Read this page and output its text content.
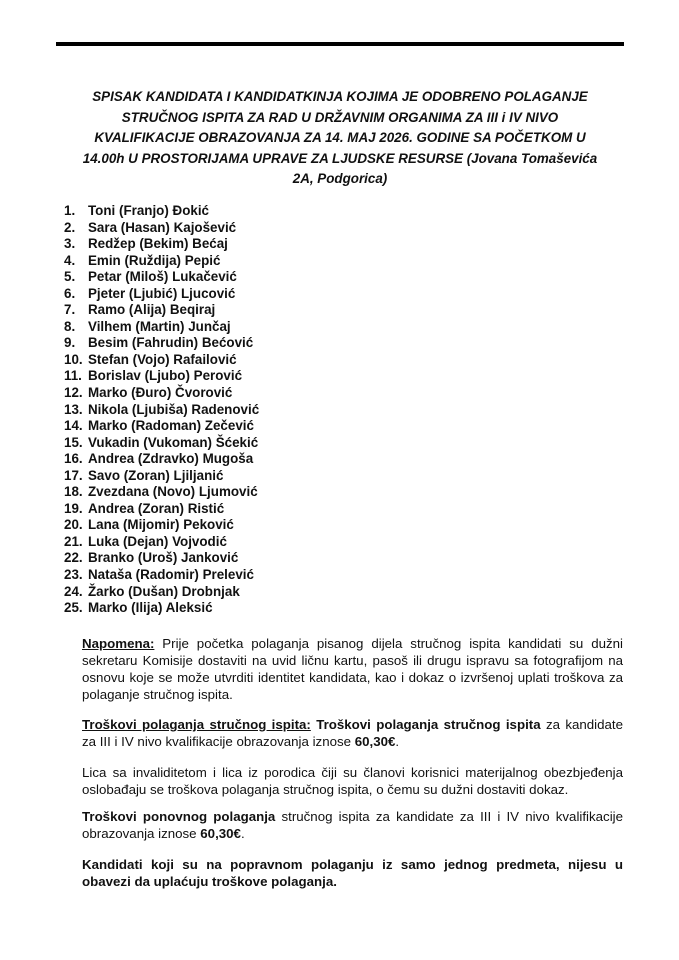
SPISAK KANDIDATA I KANDIDATKINJA KOJIMA JE ODOBRENO POLAGANJE
STRUČNOG ISPITA ZA RAD U DRŽAVNIM ORGANIMA ZA III i IV NIVO
KVALIFIKACIJE OBRAZOVANJA ZA 14. MAJ 2026. GODINE SA POČETKOM U
14.00h U PROSTORIJAMA UPRAVE ZA LJUDSKE RESURSE (Jovana Tomaševića
2A, Podgorica)
1. Toni (Franjo) Đokić
2. Sara (Hasan) Kajošević
3. Redžep (Bekim) Bećaj
4. Emin (Ruždija) Pepić
5. Petar (Miloš) Lukačević
6. Pjeter (Ljubić) Ljucović
7. Ramo (Alija) Beqiraj
8. Vilhem (Martin) Junčaj
9. Besim (Fahrudin) Bećović
10. Stefan (Vojo) Rafailović
11. Borislav (Ljubo) Perović
12. Marko (Đuro) Čvorović
13. Nikola (Ljubiša) Radenović
14. Marko (Radoman) Zečević
15. Vukadin (Vukoman) Šćekić
16. Andrea (Zdravko) Mugoša
17. Savo (Zoran) Ljiljanić
18. Zvezdana (Novo) Ljumović
19. Andrea (Zoran) Ristić
20. Lana (Mijomir) Peković
21. Luka (Dejan) Vojvodić
22. Branko (Uroš) Janković
23. Nataša (Radomir) Prelević
24. Žarko (Dušan) Drobnjak
25. Marko (Ilija) Aleksić
Napomena: Prije početka polaganja pisanog dijela stručnog ispita kandidati su dužni sekretaru Komisije dostaviti na uvid ličnu kartu, pasoš ili drugu ispravu sa fotografijom na osnovu koje se može utvrditi identitet kandidata, kao i dokaz o izvršenoj uplati troškova za polaganje stručnog ispita.
Troškovi polaganja stručnog ispita: Troškovi polaganja stručnog ispita za kandidate za III i IV nivo kvalifikacije obrazovanja iznose 60,30€.
Lica sa invaliditetom i lica iz porodica čiji su članovi korisnici materijalnog obezbjeđenja oslobađaju se troškova polaganja stručnog ispita, o čemu su dužni dostaviti dokaz.
Troškovi ponovnog polaganja stručnog ispita za kandidate za III i IV nivo kvalifikacije obrazovanja iznose 60,30€.
Kandidati koji su na popravnom polaganju iz samo jednog predmeta, nijesu u obavezi da uplaćuju troškove polaganja.
